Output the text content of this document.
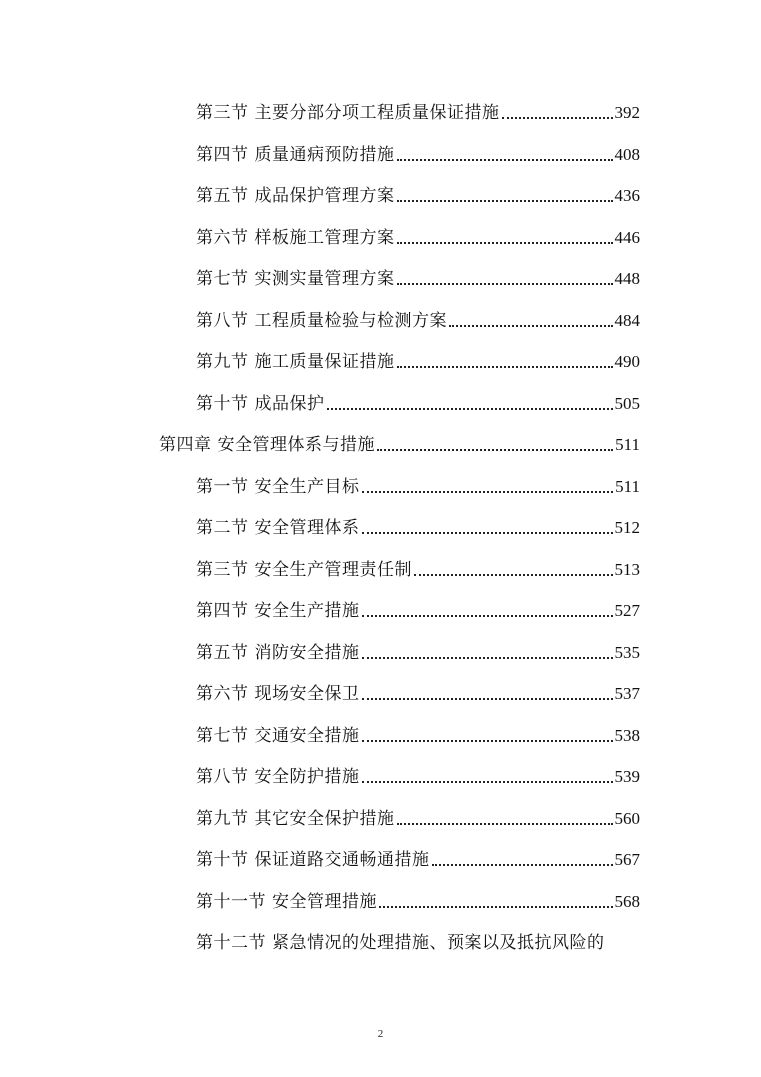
第三节 主要分部分项工程质量保证措施	392
第四节 质量通病预防措施	408
第五节 成品保护管理方案	436
第六节 样板施工管理方案	446
第七节 实测实量管理方案	448
第八节 工程质量检验与检测方案	484
第九节 施工质量保证措施	490
第十节 成品保护	505
第四章 安全管理体系与措施	511
第一节 安全生产目标	511
第二节 安全管理体系	512
第三节 安全生产管理责任制	513
第四节 安全生产措施	527
第五节 消防安全措施	535
第六节 现场安全保卫	537
第七节 交通安全措施	538
第八节 安全防护措施	539
第九节 其它安全保护措施	560
第十节 保证道路交通畅通措施	567
第十一节 安全管理措施	568
第十二节 紧急情况的处理措施、预案以及抵抗风险的
2
